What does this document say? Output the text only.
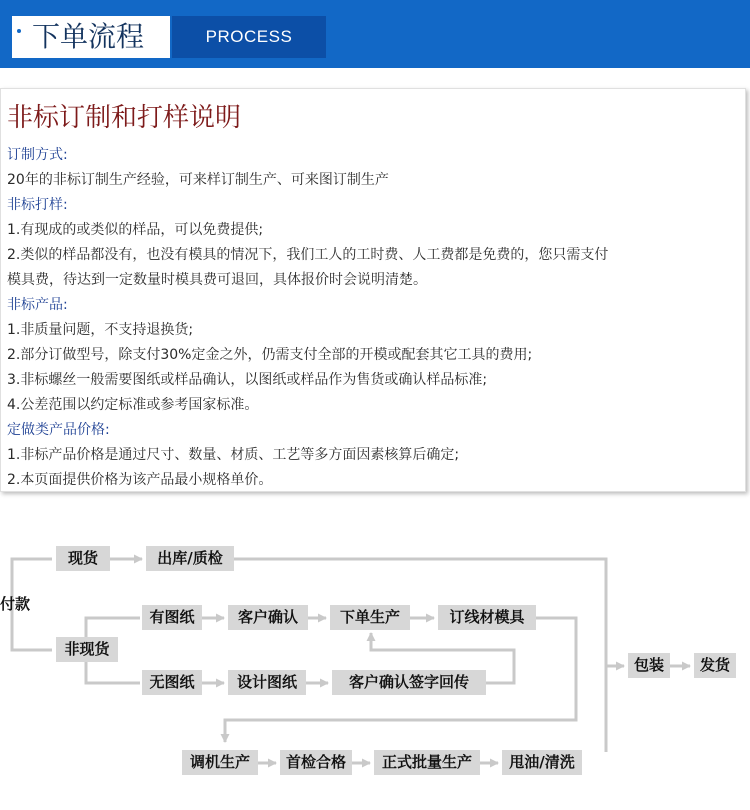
下单流程	PROCESS
非标订制和打样说明
订制方式:
20年的非标订制生产经验，可来样订制生产、可来图订制生产
非标打样:
1.有现成的或类似的样品，可以免费提供;
2.类似的样品都没有，也没有模具的情况下，我们工人的工时费、人工费都是免费的，您只需支付
模具费，待达到一定数量时模具费可退回，具体报价时会说明清楚。
非标产品:
1.非质量问题，不支持退换货;
2.部分订做型号，除支付30%定金之外，仍需支付全部的开模或配套其它工具的费用;
3.非标螺丝一般需要图纸或样品确认，以图纸或样品作为售货或确认样品标准;
4.公差范围以约定标准或参考国家标准。
定做类产品价格:
1.非标产品价格是通过尺寸、数量、材质、工艺等多方面因素核算后确定;
2.本页面提供价格为该产品最小规格单价。
付款
现货	出库/质检
非现货
有图纸	客户确认	下单生产	订线材模具
无图纸	设计图纸	客户确认签字回传
包装	发货
调机生产	首检合格	正式批量生产	甩油/清洗
